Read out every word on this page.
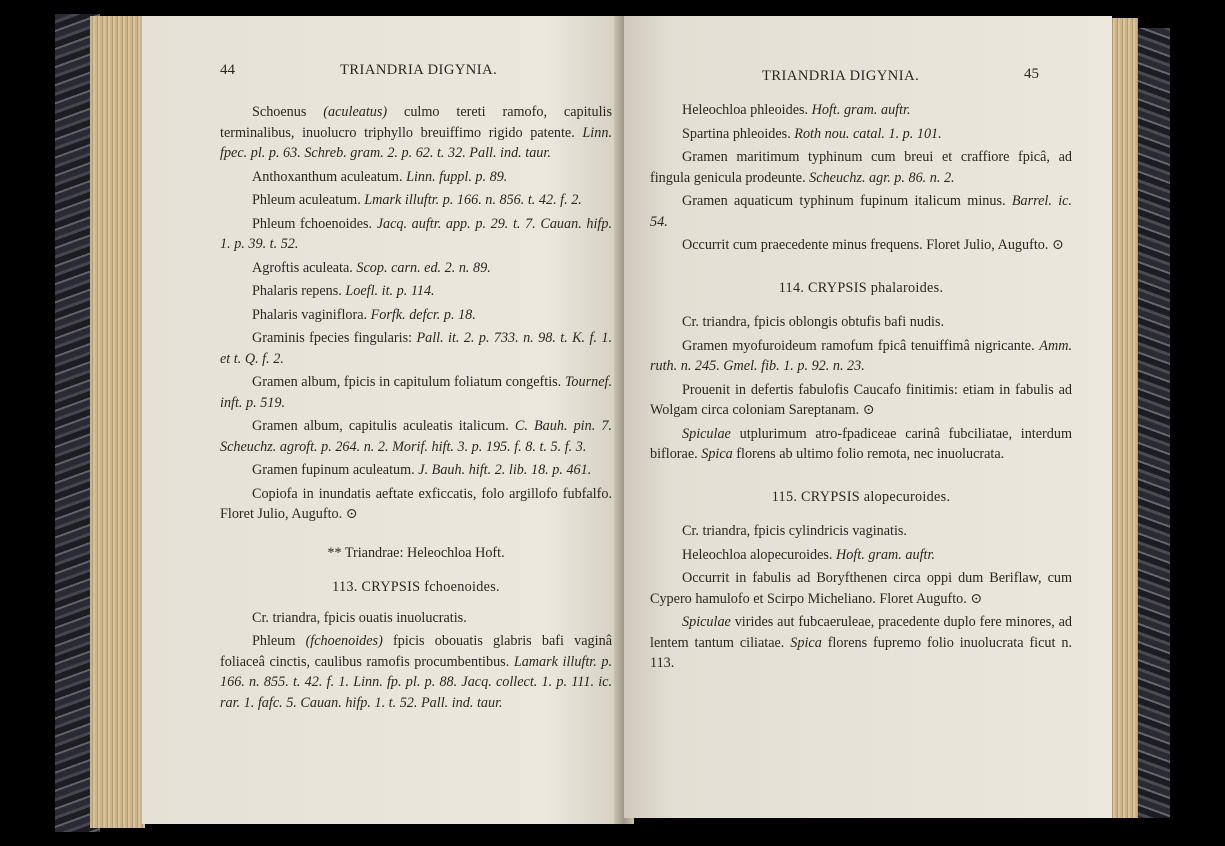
44	TRIANDRIA DIGYNIA.

Schoenus (aculeatus) culmo tereti ramofo, capitulis terminalibus, inuolucro triphyllo breuiffimo rigido patente. Linn. fpec. pl. p. 63. Schreb. gram. 2. p. 62. t. 32. Pall. ind. taur.

Anthoxanthum aculeatum. Linn. fuppl. p. 89.

Phleum aculeatum. Lmark illuftr. p. 166. n. 856. t. 42. f. 2.

Phleum fchoenoides. Jacq. auftr. app. p. 29. t. 7. Cauan. hifp. 1. p. 39. t. 52.

Agroftis aculeata. Scop. carn. ed. 2. n. 89.

Phalaris repens. Loefl. it. p. 114.

Phalaris vaginiflora. Forfk. defcr. p. 18.

Graminis fpecies fingularis: Pall. it. 2. p. 733. n. 98. t. K. f. 1. et t. Q. f. 2.

Gramen album, fpicis in capitulum foliatum congeftis. Tournef. inft. p. 519.

Gramen album, capitulis aculeatis italicum. C. Bauh. pin. 7. Scheuchz. agroft. p. 264. n. 2. Morif. hift. 3. p. 195. f. 8. t. 5. f. 3.

Gramen fupinum aculeatum. J. Bauh. hift. 2. lib. 18. p. 461.

Copiofa in inundatis aeftate exficcatis, folo argillofo fubfalfo. Floret Julio, Augufto. ⊙

** Triandrae: Heleochloa Hoft.

113. CRYPSIS fchoenoides.

Cr. triandra, fpicis ouatis inuolucratis.

Phleum (fchoenoides) fpicis obouatis glabris bafi vaginâ foliaceâ cinctis, caulibus ramofis procumbentibus. Lamark illuftr. p. 166. n. 855. t. 42. f. 1. Linn. fp. pl. p. 88. Jacq. collect. 1. p. 111. ic. rar. 1. fafc. 5. Cauan. hifp. 1. t. 52. Pall. ind. taur.

TRIANDRIA DIGYNIA.	45

Heleochloa phleoides. Hoft. gram. auftr.

Spartina phleoides. Roth nou. catal. 1. p. 101.

Gramen maritimum typhinum cum breui et craffiore fpicâ, ad fingula genicula prodeunte. Scheuchz. agr. p. 86. n. 2.

Gramen aquaticum typhinum fupinum italicum minus. Barrel. ic. 54.

Occurrit cum praecedente minus frequens. Floret Julio, Augufto. ⊙

114. CRYPSIS phalaroides.

Cr. triandra, fpicis oblongis obtufis bafi nudis.

Gramen myofuroideum ramofum fpicâ tenuiffimâ nigricante. Amm. ruth. n. 245. Gmel. fib. 1. p. 92. n. 23.

Prouenit in defertis fabulofis Caucafo finitimis: etiam in fabulis ad Wolgam circa coloniam Sareptanam. ⊙

Spiculae utplurimum atro-fpadiceae carinâ fubciliatae, interdum biflorae. Spica florens ab ultimo folio remota, nec inuolucrata.

115. CRYPSIS alopecuroides.

Cr. triandra, fpicis cylindricis vaginatis.

Heleochloa alopecuroides. Hoft. gram. auftr.

Occurrit in fabulis ad Boryfthenen circa oppi dum Beriflaw, cum Cypero hamulofo et Scirpo Micheliano. Floret Augufto. ⊙

Spiculae virides aut fubcaeruleae, pracedente duplo fere minores, ad lentem tantum ciliatae. Spica florens fupremo folio inuolucrata ficut n. 113.
